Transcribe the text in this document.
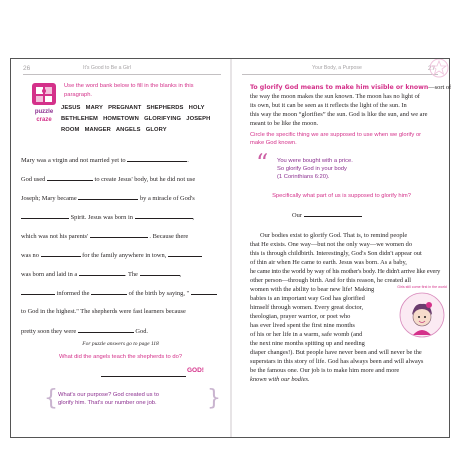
26	It's Good to Be a Girl
puzzle
craze
Use the word bank below to fill in the blanks in this
paragraph.
JESUS MARY PREGNANT SHEPHERDS HOLY
BETHLEHEM HOMETOWN GLORIFYING JOSEPH
ROOM MANGER ANGELS GLORY
Mary was a virgin and not married yet to	.
God used	to create Jesus' body, but he did not use
Joseph; Mary became	by a miracle of God's
Spirit. Jesus was born in	,
which was not his parents'	. Because there
was no	for the family anywhere in town,
was born and laid in a	. The	,
informed the	of the birth by saying, "
to God in the highest." The shepherds were fast learners because
pretty soon they were	God.
For puzzle answers go to page 118
What did the angels teach the shepherds to do?
GOD!
{ What's our purpose? God created us to
glorify him. That's our number one job.	}
Your Body, a Purpose	27
To glorify God means to make him visible or known—sort of
the way the moon makes the sun known. The moon has no light of
its own, but it can be seen as it reflects the light of the sun. In
this way the moon “glorifies” the sun. God is like the sun, and we are
meant to be like the moon.
Circle the specific thing we are supposed to use when we glorify or
make God known.
“ You were bought with a price.
So glorify God in your body
(1 Corinthians 6:20).
Specifically what part of us is supposed to glorify him?
Our
Our bodies exist to glorify God. That is, to remind people
that He exists. One way—but not the only way—we women do
this is through childbirth. Interestingly, God's Son didn't appear out
of thin air when He came to earth. Jesus was born. As a baby,
he came into the world by way of his mother's body. He didn't arrive like every
other person—through birth. And for this reason, he created all
women with the ability to bear new life! Making
babies is an important way God has glorified
himself through women. Every great doctor,
theologian, prayer warrior, or poet who
has ever lived spent the first nine months
of his or her life in a warm, safe womb (and
the next nine months spitting up and needing
diaper changes!). But people have never been and will never be the
superstars in this story of life. God has always been and will always
be the famous one. Our job is to make him more and more
known with our bodies.
Girls still come first in the world
